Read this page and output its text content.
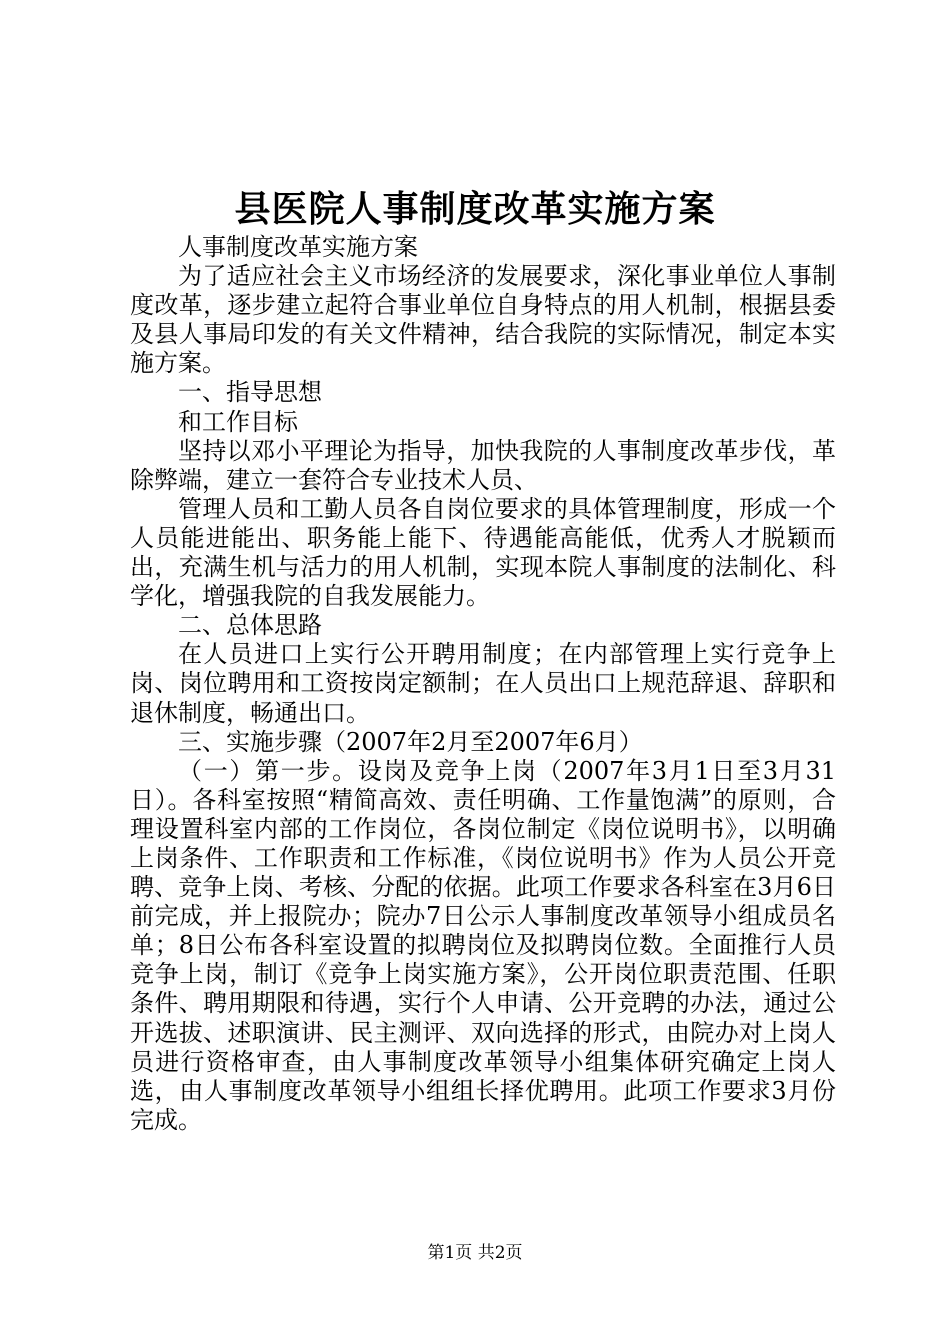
县医院人事制度改革实施方案

人事制度改革实施方案

为了适应社会主义市场经济的发展要求，深化事业单位人事制度改革，逐步建立起符合事业单位自身特点的用人机制，根据县委及县人事局印发的有关文件精神，结合我院的实际情况，制定本实施方案。

一、指导思想

和工作目标

坚持以邓小平理论为指导，加快我院的人事制度改革步伐，革除弊端，建立一套符合专业技术人员、

管理人员和工勤人员各自岗位要求的具体管理制度，形成一个人员能进能出、职务能上能下、待遇能高能低，优秀人才脱颖而出，充满生机与活力的用人机制，实现本院人事制度的法制化、科学化，增强我院的自我发展能力。

二、总体思路

在人员进口上实行公开聘用制度；在内部管理上实行竞争上岗、岗位聘用和工资按岗定额制；在人员出口上规范辞退、辞职和退休制度，畅通出口。

三、实施步骤（2007年2月至2007年6月）

（一）第一步。设岗及竞争上岗（2007年3月1日至3月31日）。各科室按照“精简高效、责任明确、工作量饱满”的原则，合理设置科室内部的工作岗位，各岗位制定《岗位说明书》，以明确上岗条件、工作职责和工作标准，《岗位说明书》作为人员公开竞聘、竞争上岗、考核、分配的依据。此项工作要求各科室在3月6日前完成，并上报院办；院办7日公示人事制度改革领导小组成员名单；8日公布各科室设置的拟聘岗位及拟聘岗位数。全面推行人员竞争上岗，制订《竞争上岗实施方案》，公开岗位职责范围、任职条件、聘用期限和待遇，实行个人申请、公开竞聘的办法，通过公开选拔、述职演讲、民主测评、双向选择的形式，由院办对上岗人员进行资格审查，由人事制度改革领导小组集体研究确定上岗人选，由人事制度改革领导小组组长择优聘用。此项工作要求3月份完成。

第1页 共2页
